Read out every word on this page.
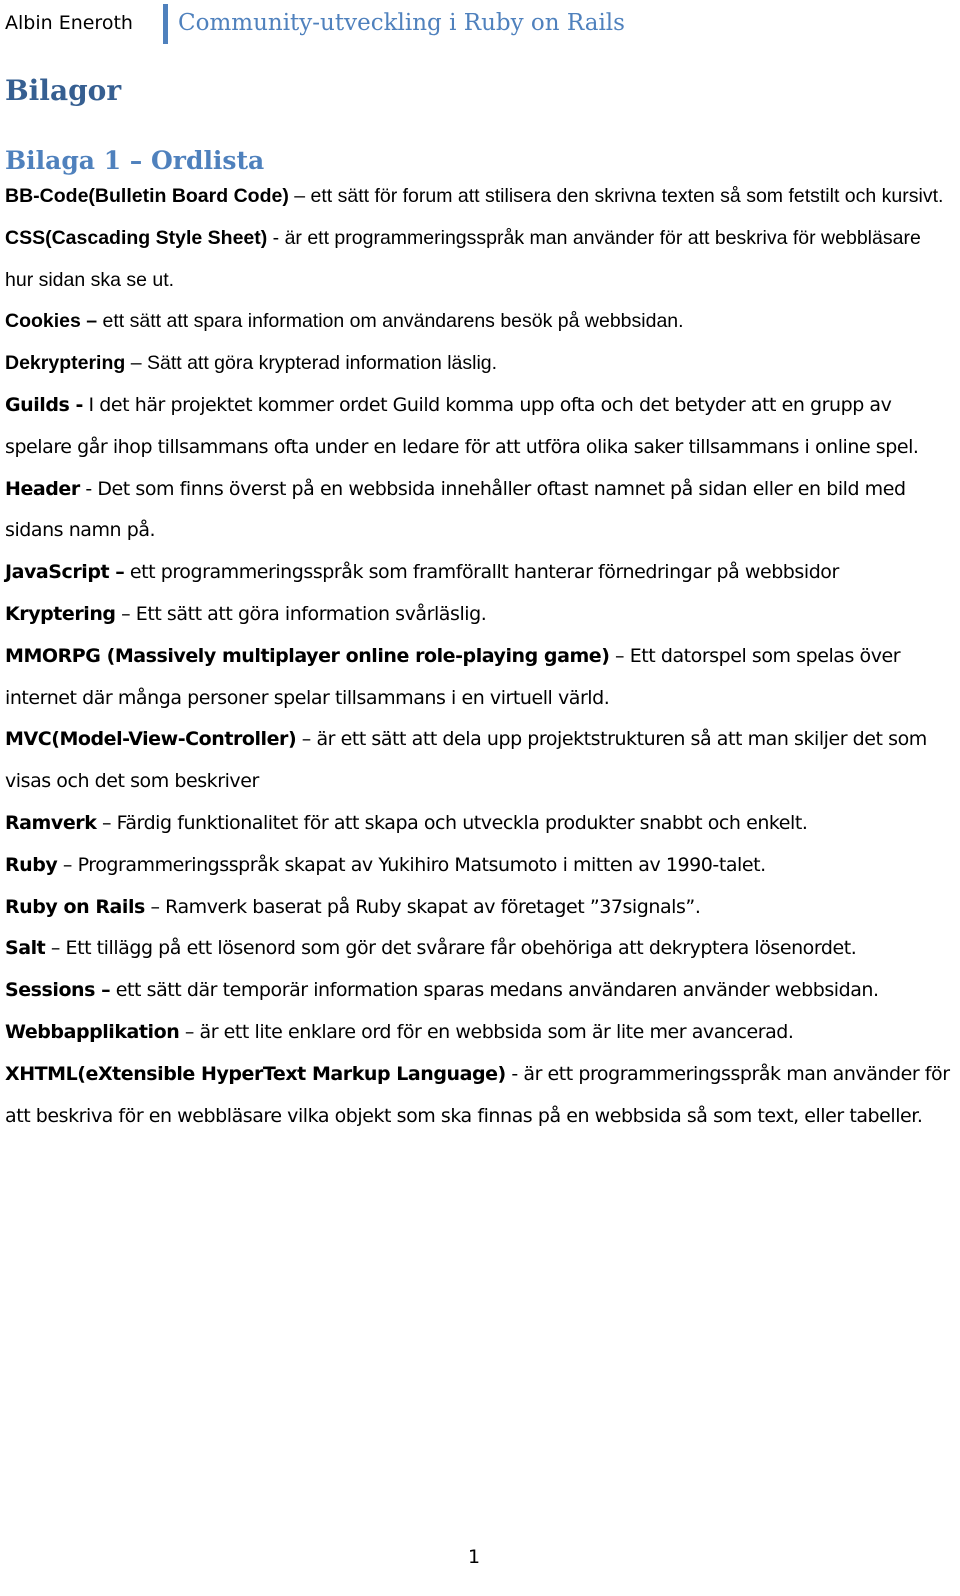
Albin Eneroth Community-utveckling i Ruby on Rails
Bilagor
Bilaga 1 – Ordlista
BB-Code(Bulletin Board Code) – ett sätt för forum att stilisera den skrivna texten så som fetstilt och kursivt.
CSS(Cascading Style Sheet) - är ett programmeringsspråk man använder för att beskriva för webbläsare hur sidan ska se ut.
Cookies – ett sätt att spara information om användarens besök på webbsidan.
Dekryptering – Sätt att göra krypterad information läslig.
Guilds - I det här projektet kommer ordet Guild komma upp ofta och det betyder att en grupp av spelare går ihop tillsammans ofta under en ledare för att utföra olika saker tillsammans i online spel.
Header - Det som finns överst på en webbsida innehåller oftast namnet på sidan eller en bild med sidans namn på.
JavaScript – ett programmeringsspråk som framförallt hanterar förnedringar på webbsidor
Kryptering – Ett sätt att göra information svårläslig.
MMORPG (Massively multiplayer online role-playing game) – Ett datorspel som spelas över internet där många personer spelar tillsammans i en virtuell värld.
MVC(Model-View-Controller) – är ett sätt att dela upp projektstrukturen så att man skiljer det som visas och det som beskriver
Ramverk – Färdig funktionalitet för att skapa och utveckla produkter snabbt och enkelt.
Ruby – Programmeringsspråk skapat av Yukihiro Matsumoto i mitten av 1990-talet.
Ruby on Rails – Ramverk baserat på Ruby skapat av företaget ”37signals”.
Salt – Ett tillägg på ett lösenord som gör det svårare får obehöriga att dekryptera lösenordet.
Sessions – ett sätt där temporär information sparas medans användaren använder webbsidan.
Webbapplikation – är ett lite enklare ord för en webbsida som är lite mer avancerad.
XHTML(eXtensible HyperText Markup Language) - är ett programmeringsspråk man använder för att beskriva för en webbläsare vilka objekt som ska finnas på en webbsida så som text, eller tabeller.
1
